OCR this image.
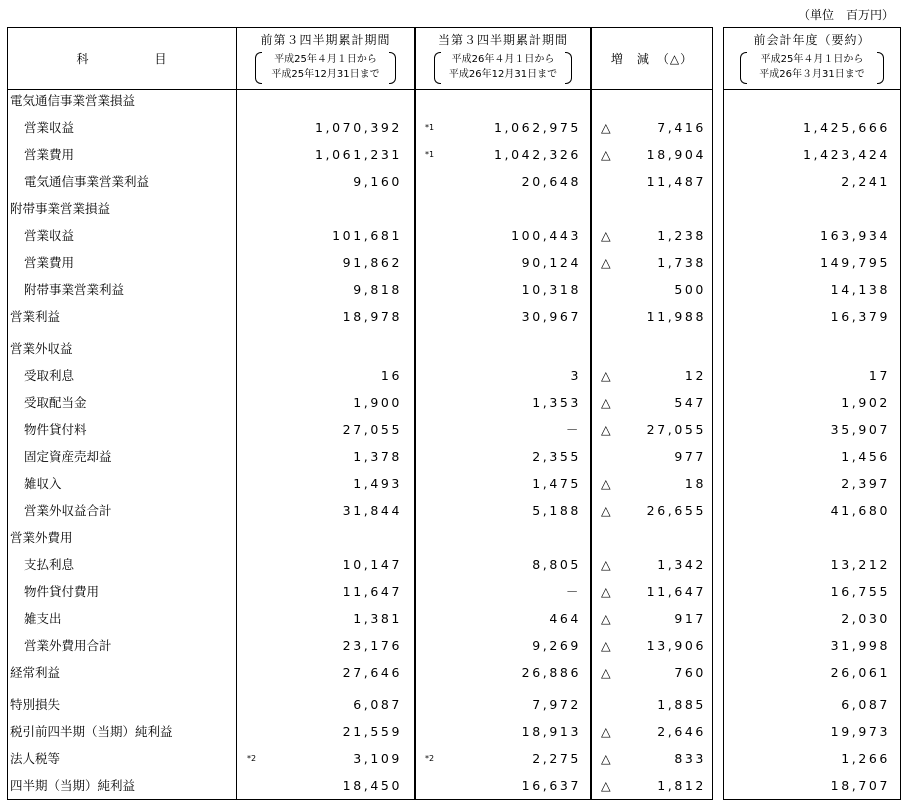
（単位　百万円）
科　　　　　目
前第３四半期累計期間
平成25年４月１日から
平成25年12月31日まで
当第３四半期累計期間
平成26年４月１日から
平成26年12月31日まで
増　減　（△）
前会計年度（要約）
平成25年４月１日から
平成26年３月31日まで
電気通信事業営業損益
営業収益	1,070,392	*1	1,062,975 △	7,416	1,425,666
営業費用	1,061,231	*1	1,042,326 △	18,904	1,423,424
電気通信事業営業利益	9,160	20,648	11,487	2,241
附帯事業営業損益
営業収益	101,681	100,443 △	1,238	163,934
営業費用	91,862	90,124 △	1,738	149,795
附帯事業営業利益	9,818	10,318	500	14,138
営業利益	18,978	30,967	11,988	16,379
営業外収益
受取利息	16	3 △	12	17
受取配当金	1,900	1,353 △	547	1,902
物件貸付料	27,055	－ △	27,055	35,907
固定資産売却益	1,378	2,355	977	1,456
雑収入	1,493	1,475 △	18	2,397
営業外収益合計	31,844	5,188 △	26,655	41,680
営業外費用
支払利息	10,147	8,805 △	1,342	13,212
物件貸付費用	11,647	－ △	11,647	16,755
雑支出	1,381	464 △	917	2,030
営業外費用合計	23,176	9,269 △	13,906	31,998
経常利益	27,646	26,886 △	760	26,061
特別損失	6,087	7,972	1,885	6,087
税引前四半期（当期）純利益	21,559	18,913 △	2,646	19,973
法人税等	*2	3,109	*2	2,275 △	833	1,266
四半期（当期）純利益	18,450	16,637 △	1,812	18,707
